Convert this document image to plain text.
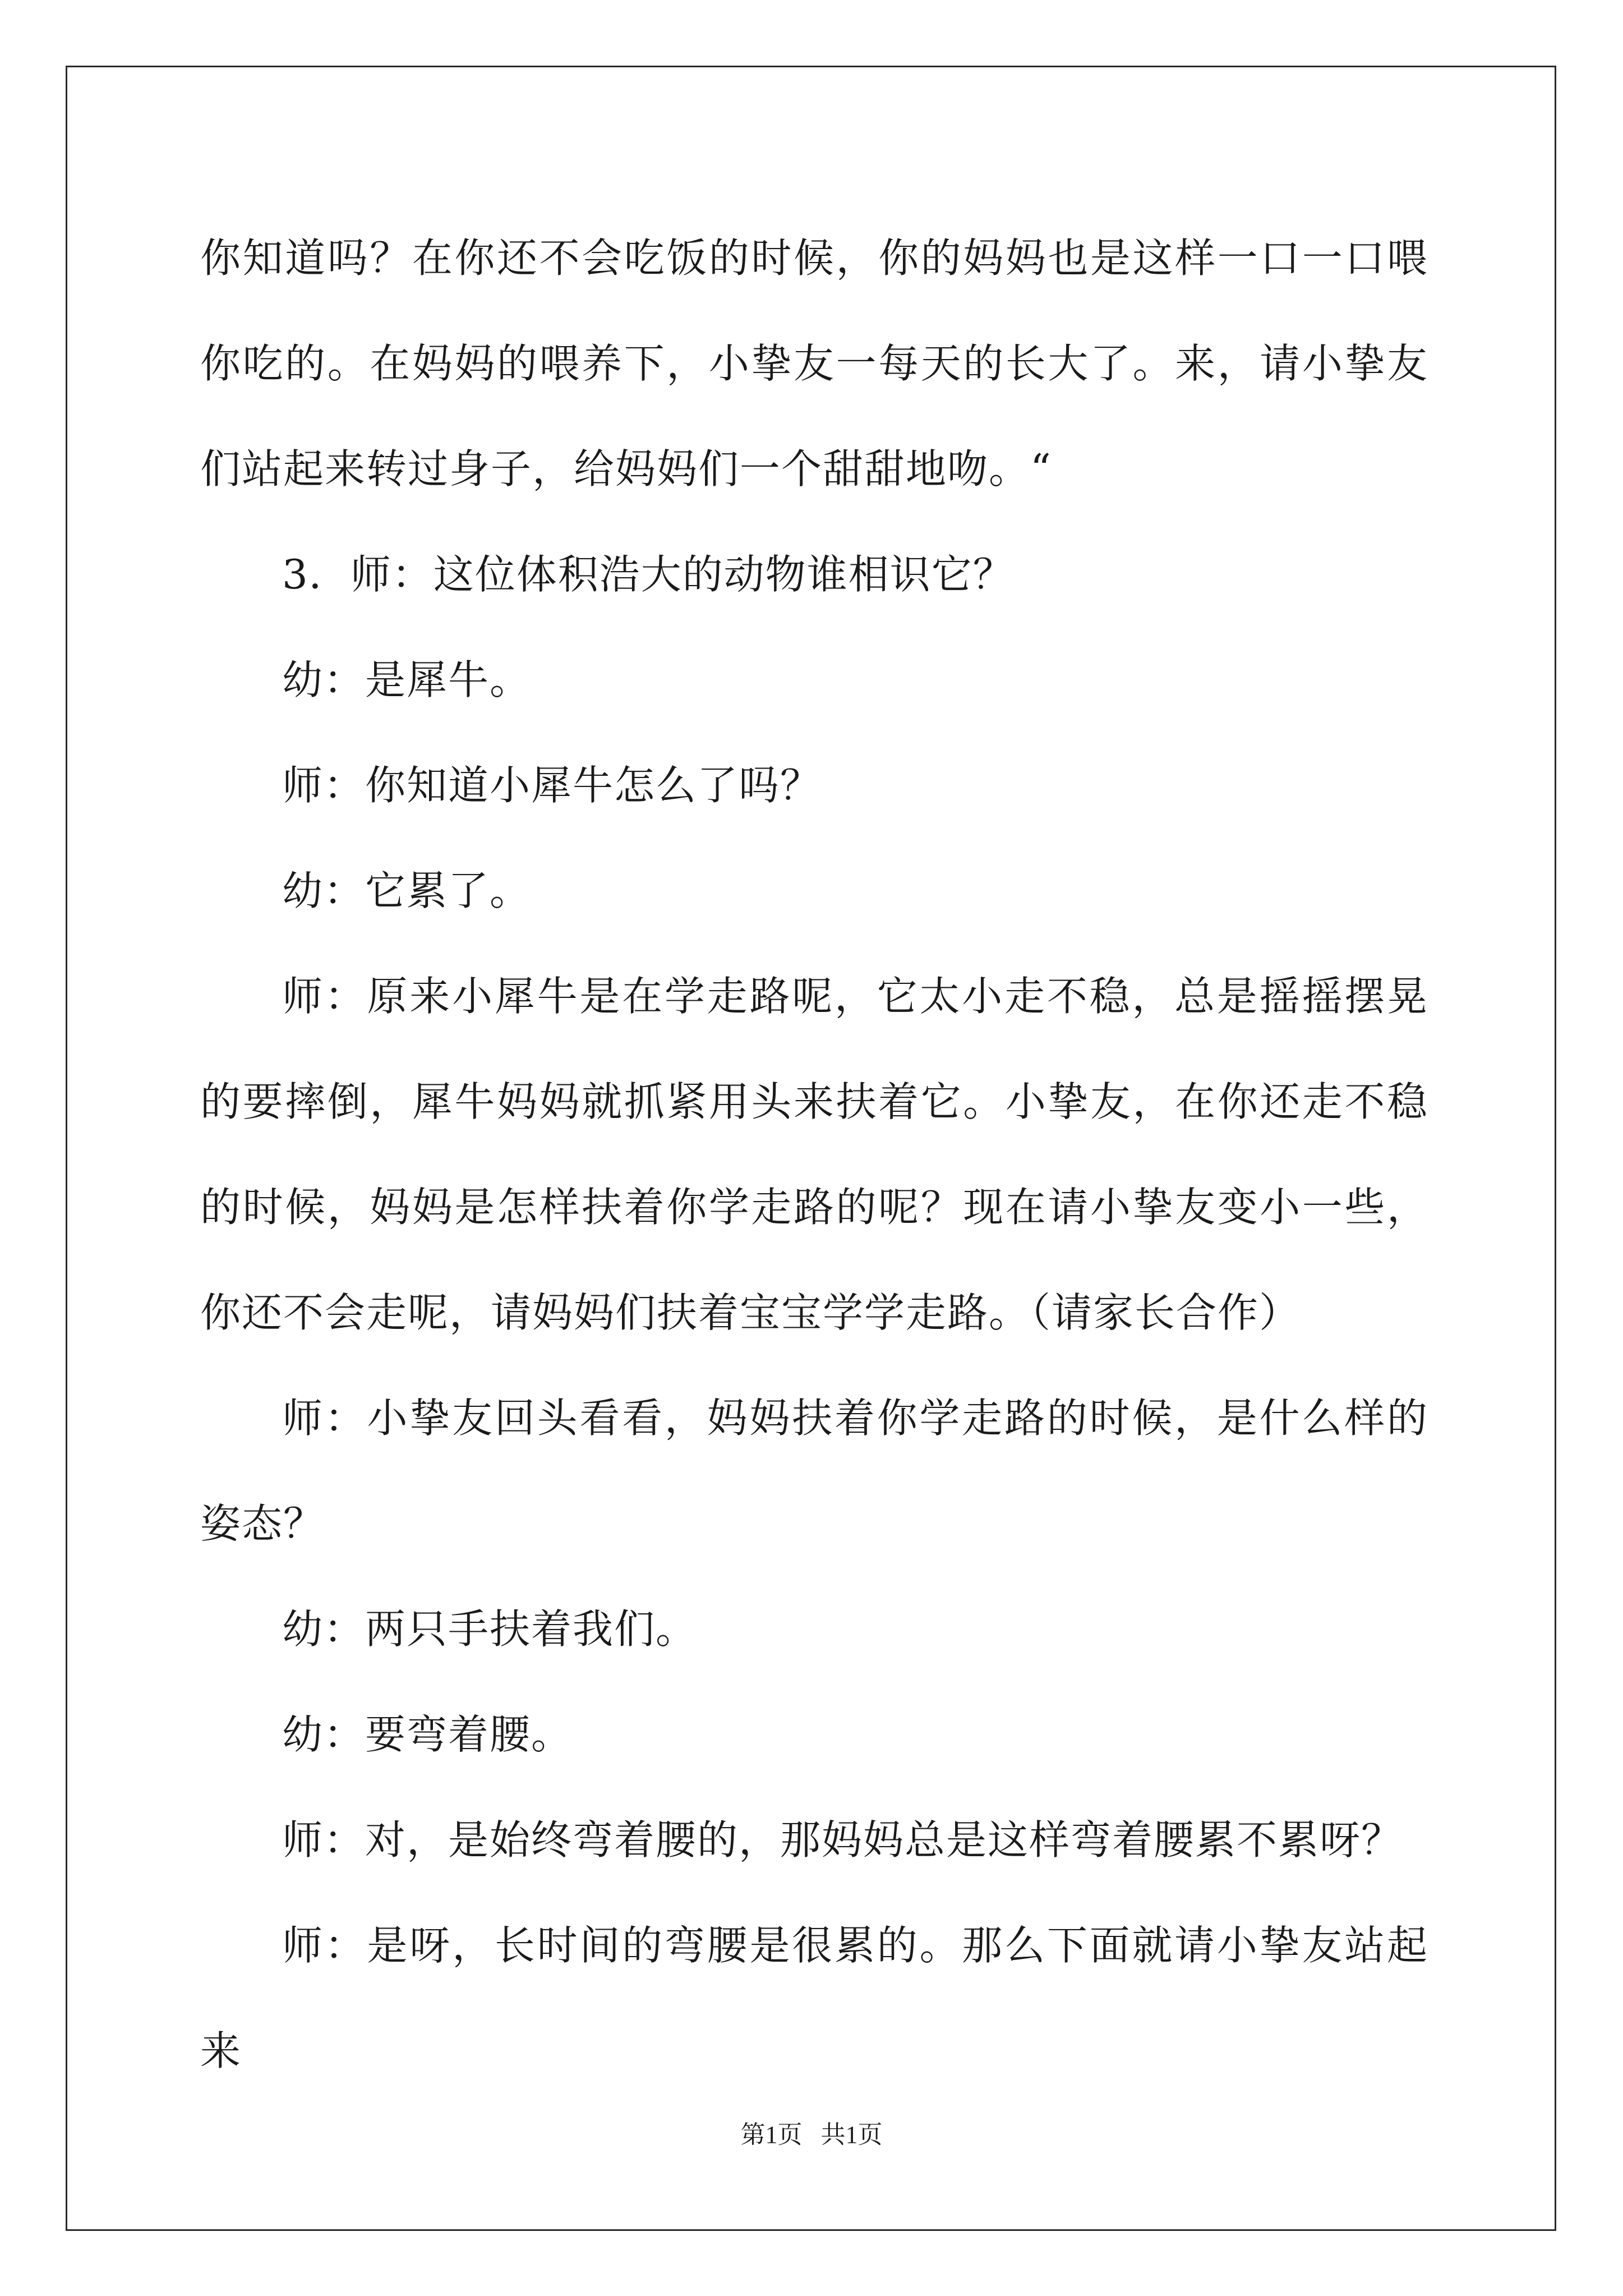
你知道吗？在你还不会吃饭的时候，你的妈妈也是这样一口一口喂你吃的。在妈妈的喂养下，小挚友一每天的长大了。来，请小挚友们站起来转过身子，给妈妈们一个甜甜地吻。“

3．师：这位体积浩大的动物谁相识它？

幼：是犀牛。

师：你知道小犀牛怎么了吗？

幼：它累了。

师：原来小犀牛是在学走路呢，它太小走不稳，总是摇摇摆晃的要摔倒，犀牛妈妈就抓紧用头来扶着它。小挚友，在你还走不稳的时候，妈妈是怎样扶着你学走路的呢？现在请小挚友变小一些，你还不会走呢，请妈妈们扶着宝宝学学走路。（请家长合作）

师：小挚友回头看看，妈妈扶着你学走路的时候，是什么样的姿态？

幼：两只手扶着我们。

幼：要弯着腰。

师：对，是始终弯着腰的，那妈妈总是这样弯着腰累不累呀？

师：是呀，长时间的弯腰是很累的。那么下面就请小挚友站起来

第1页   共1页
